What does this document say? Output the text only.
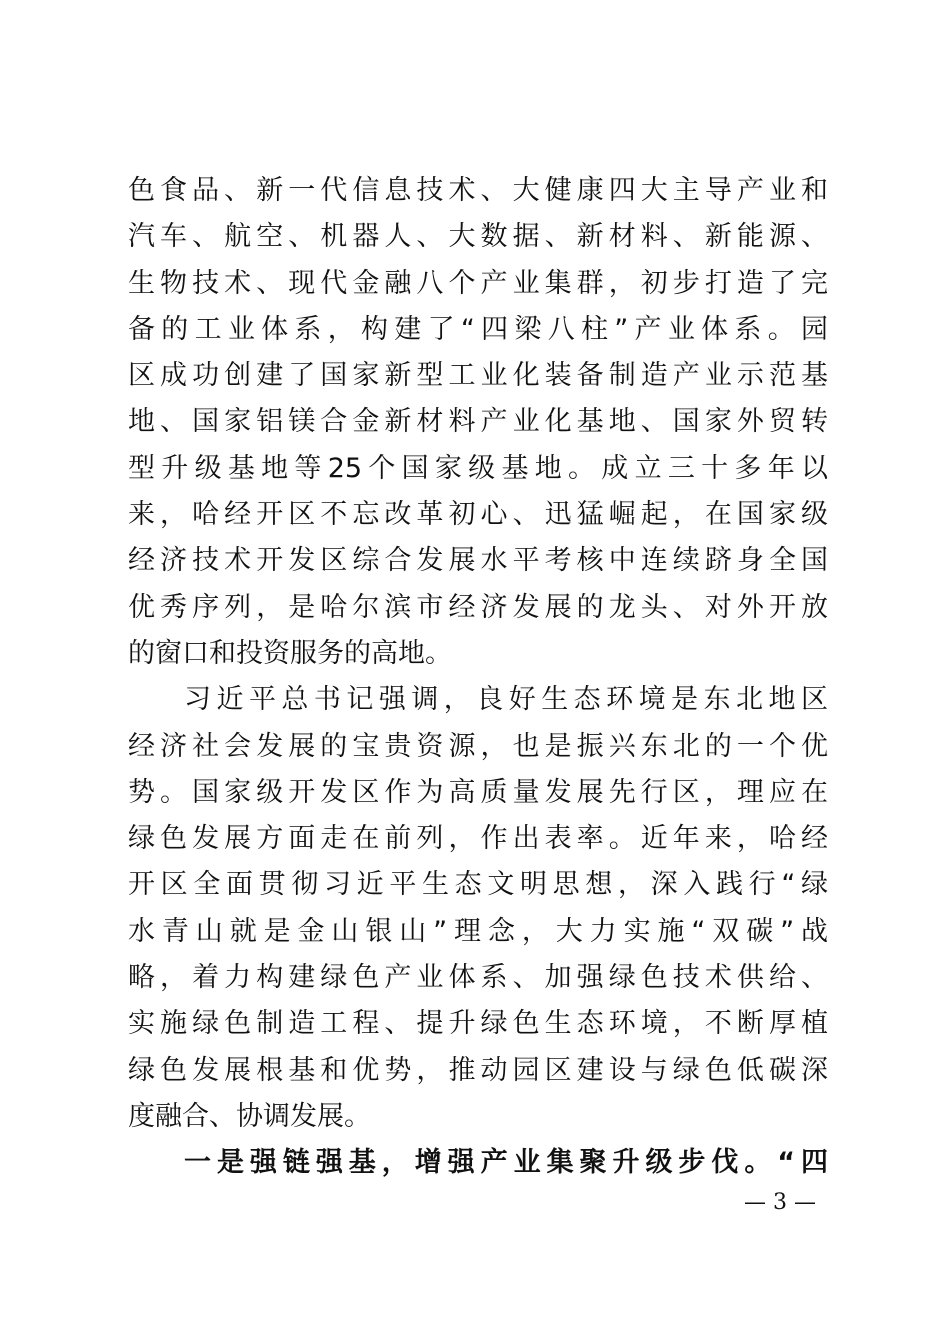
色食品、新一代信息技术、大健康四大主导产业和
汽车、航空、机器人、大数据、新材料、新能源、
生物技术、现代金融八个产业集群，初步打造了完
备的工业体系，构建了“四梁八柱”产业体系。园
区成功创建了国家新型工业化装备制造产业示范基
地、国家铝镁合金新材料产业化基地、国家外贸转
型升级基地等25个国家级基地。成立三十多年以
来，哈经开区不忘改革初心、迅猛崛起，在国家级
经济技术开发区综合发展水平考核中连续跻身全国
优秀序列，是哈尔滨市经济发展的龙头、对外开放
的窗口和投资服务的高地。
习近平总书记强调，良好生态环境是东北地区
经济社会发展的宝贵资源，也是振兴东北的一个优
势。国家级开发区作为高质量发展先行区，理应在
绿色发展方面走在前列，作出表率。近年来，哈经
开区全面贯彻习近平生态文明思想，深入践行“绿
水青山就是金山银山”理念，大力实施“双碳”战
略，着力构建绿色产业体系、加强绿色技术供给、
实施绿色制造工程、提升绿色生态环境，不断厚植
绿色发展根基和优势，推动园区建设与绿色低碳深
度融合、协调发展。
一是强链强基，增强产业集聚升级步伐。“四
— 3 —
